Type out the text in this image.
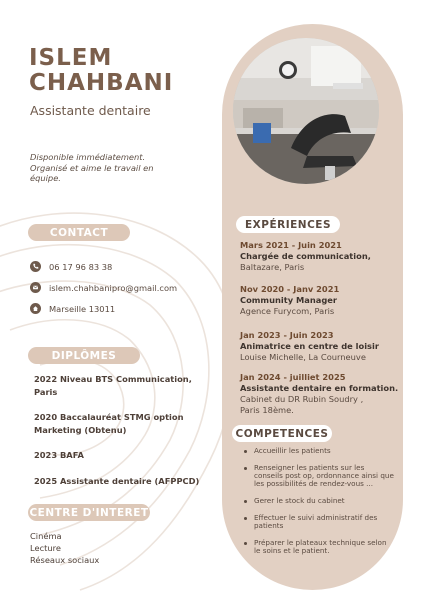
ISLEM
CHAHBANI
Assistante dentaire
Disponible immédiatement. Organisé et aime le travail en équipe.
CONTACT
06 17 96 83 38
islem.chahbanipro@gmail.com
Marseille 13011
DIPLÔMES
2022 Niveau BTS Communication, Paris
2020 Baccalauréat STMG option Marketing (Obtenu)
2023 BAFA
2025 Assistante dentaire (AFPPCD)
CENTRE D'INTERET
Cinéma
Lecture
Réseaux sociaux
EXPÉRIENCES
Mars 2021 - Juin 2021
Chargée de communication,
Baltazare, Paris
Nov 2020 - Janv 2021
Community Manager
Agence Furycom, Paris
Jan 2023 - Juin 2023
Animatrice en centre de loisir
Louise Michelle, La Courneuve
Jan 2024 - juilliet 2025
Assistante dentaire en formation.
Cabinet du DR Rubin Soudry , Paris 18ème.
COMPETENCES
Accueillir les patients
Renseigner les patients sur les conseils post op, ordonnance ainsi que les possibilités de rendez-vous ...
Gerer le stock du cabinet
Effectuer le suivi administratif des patients
Préparer le plateaux technique selon le soins et le patient.
